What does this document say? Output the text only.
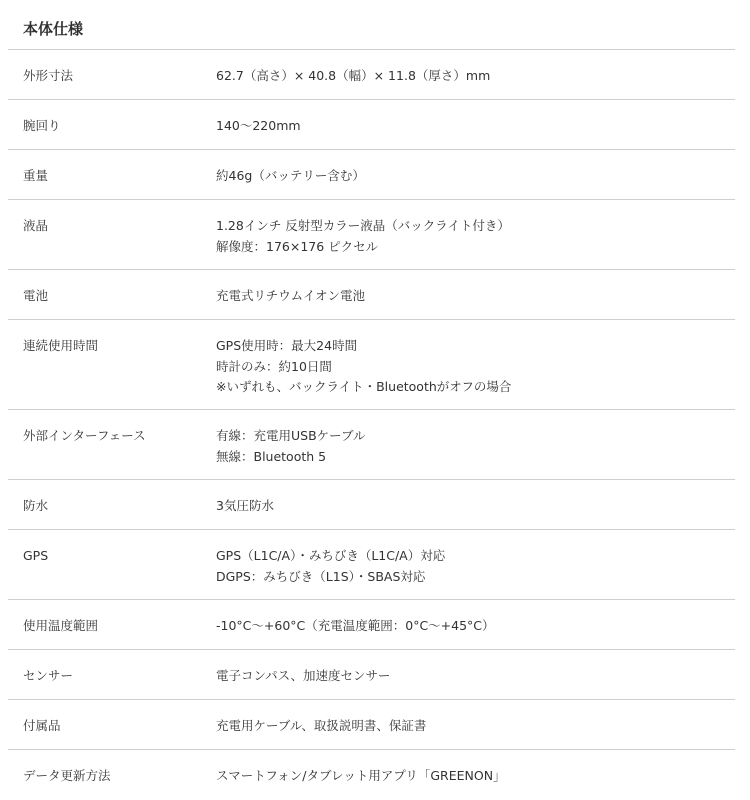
本体仕様
外形寸法	62.7（高さ）× 40.8（幅）× 11.8（厚さ）mm
腕回り	140〜220mm
重量	約46g（バッテリー含む）
液晶	1.28インチ 反射型カラー液晶（バックライト付き）
解像度：176×176 ピクセル
電池	充電式リチウムイオン電池
連続使用時間	GPS使用時：最大24時間
時計のみ：約10日間
※いずれも、バックライト・Bluetoothがオフの場合
外部インターフェース	有線：充電用USBケーブル
無線：Bluetooth 5
防水	3気圧防水
GPS	GPS（L1C/A）・みちびき（L1C/A）対応
DGPS：みちびき（L1S）・SBAS対応
使用温度範囲	-10°C〜+60°C（充電温度範囲：0°C〜+45°C）
センサー	電子コンパス、加速度センサー
付属品	充電用ケーブル、取扱説明書、保証書
データ更新方法	スマートフォン/タブレット用アプリ「GREENON」
